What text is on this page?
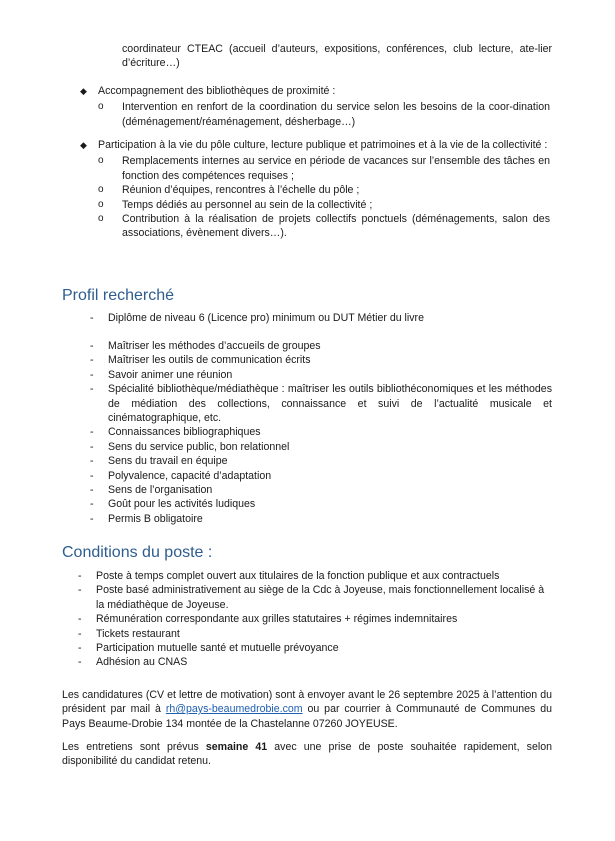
coordinateur CTEAC (accueil d’auteurs, expositions, conférences, club lecture, ate-lier d’écriture…)
◆ Accompagnement des bibliothèques de proximité :
o Intervention en renfort de la coordination du service selon les besoins de la coor-dination (déménagement/réaménagement, désherbage…)
◆ Participation à la vie du pôle culture, lecture publique et patrimoines et à la vie de la collectivité :
o Remplacements internes au service en période de vacances sur l’ensemble des tâches en fonction des compétences requises ;
o Réunion d’équipes, rencontres à l’échelle du pôle ;
o Temps dédiés au personnel au sein de la collectivité ;
o Contribution à la réalisation de projets collectifs ponctuels (déménagements, salon des associations, évènement divers…).
Profil recherché
- Diplôme de niveau 6 (Licence pro) minimum ou DUT Métier du livre
- Maîtriser les méthodes d’accueils de groupes
- Maîtriser les outils de communication écrits
- Savoir animer une réunion
- Spécialité bibliothèque/médiathèque : maîtriser les outils bibliothéconomiques et les méthodes de médiation des collections, connaissance et suivi de l’actualité musicale et cinématographique, etc.
- Connaissances bibliographiques
- Sens du service public, bon relationnel
- Sens du travail en équipe
- Polyvalence, capacité d’adaptation
- Sens de l’organisation
- Goût pour les activités ludiques
- Permis B obligatoire
Conditions du poste :
- Poste à temps complet ouvert aux titulaires de la fonction publique et aux contractuels
- Poste basé administrativement au siège de la Cdc à Joyeuse, mais fonctionnellement localisé à la médiathèque de Joyeuse.
- Rémunération correspondante aux grilles statutaires + régimes indemnitaires
- Tickets restaurant
- Participation mutuelle santé et mutuelle prévoyance
- Adhésion au CNAS
Les candidatures (CV et lettre de motivation) sont à envoyer avant le 26 septembre 2025 à l’attention du président par mail à rh@pays-beaumedrobie.com ou par courrier à Communauté de Communes du Pays Beaume-Drobie 134 montée de la Chastelanne 07260 JOYEUSE.
Les entretiens sont prévus semaine 41 avec une prise de poste souhaitée rapidement, selon disponibilité du candidat retenu.
